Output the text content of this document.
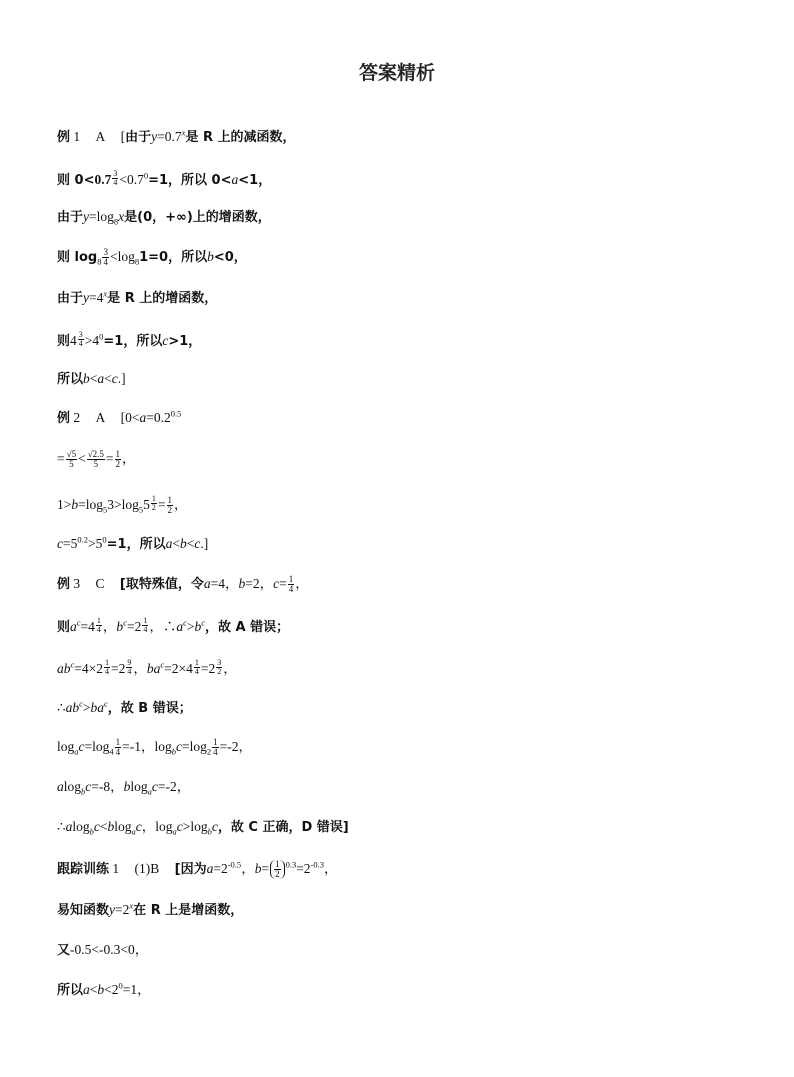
答案精析
例 1 A [由于$y=0.7^x$是 R 上的减函数，
则 $0<0.7 \frac{3}{4} <0.7^0=1$，所以 0<a<1，
由于$y=\log_8x$是(0，+∞)上的增函数，
则 $\log_8 \frac{3}{4} <\log_81=0$，所以b<0，
由于$y=4^x$是 R 上的增函数，
则$4 \frac{3}{4} >4^0=1$，所以c>1，
所以b<a<c.]
例 2 A [$0<a=0.2^{0.5}$
= $\frac{√5}{5} < \frac{√2.5}{5} = \frac{1}{2}$ ，
$1>b=\log_53>\log_55 \frac{1}{2} = \frac{1}{2}$ ，
$c=5^{0.2}>5^0=1$，所以a<b<c.]
例 3 C [取特殊值，令a=4，b=2，$c= \frac{1}{4}$ ，
则$a^c=4 \frac{1}{4}$ ，$b^c=2 \frac{1}{4}$ ，$\therefore a^c>b^c$，故 A 错误；
$ab^c=4\times 2 \frac{1}{4} =2 \frac{9}{4}$ ，$ba^c=2\times 4 \frac{1}{4} =2 \frac{3}{2}$ ，
$\therefore ab^c>ba^c$，故 B 错误；
$\log_ac=\log_4 \frac{1}{4} =-1$，$\log_bc=\log_2 \frac{1}{4} =-2$，
alog$_b$c=-8，blog$_a$c=-2，
∴alog$_b$c<blog$_a$c，$\log_ac>\log_bc$，故 C 正确，D 错误]
跟踪训练 1 (1)B [因为$a=2^{-0.5}$，$b= \frac{1}{2} ^{0.3}=2^{-0.3}$，
易知函数$y=2^x$在 R 上是增函数，
又-0.5<-0.3<0，
所以$a<b<2^0=1$，
